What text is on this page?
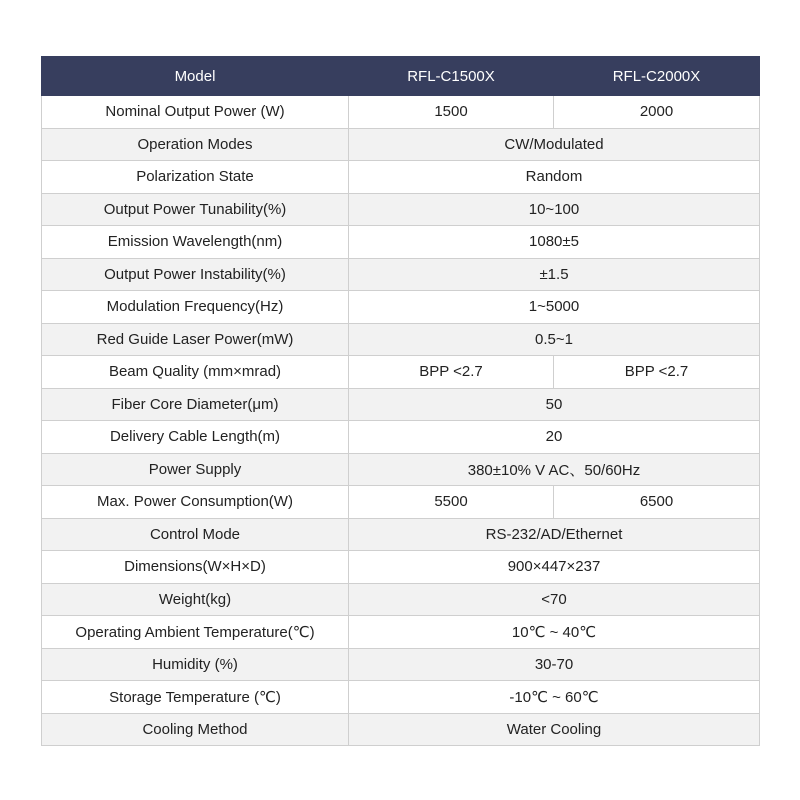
Model	RFL-C1500X	RFL-C2000X
Nominal Output Power (W)	1500	2000
Operation Modes	CW/Modulated	
Polarization State	Random	
Output Power Tunability(%)	10~100	
Emission Wavelength(nm)	1080±5	
Output Power Instability(%)	±1.5	
Modulation Frequency(Hz)	1~5000	
Red Guide Laser Power(mW)	0.5~1	
Beam Quality (mm×mrad)	BPP <2.7	BPP <2.7
Fiber Core Diameter(μm)	50	
Delivery Cable Length(m)	20	
Power Supply	380±10% V AC、50/60Hz	
Max. Power Consumption(W)	5500	6500
Control Mode	RS-232/AD/Ethernet	
Dimensions(W×H×D)	900×447×237	
Weight(kg)	<70	
Operating Ambient Temperature(℃)	10℃ ~ 40℃	
Humidity (%)	30-70	
Storage Temperature (℃)	-10℃ ~ 60℃	
Cooling Method	Water Cooling	
